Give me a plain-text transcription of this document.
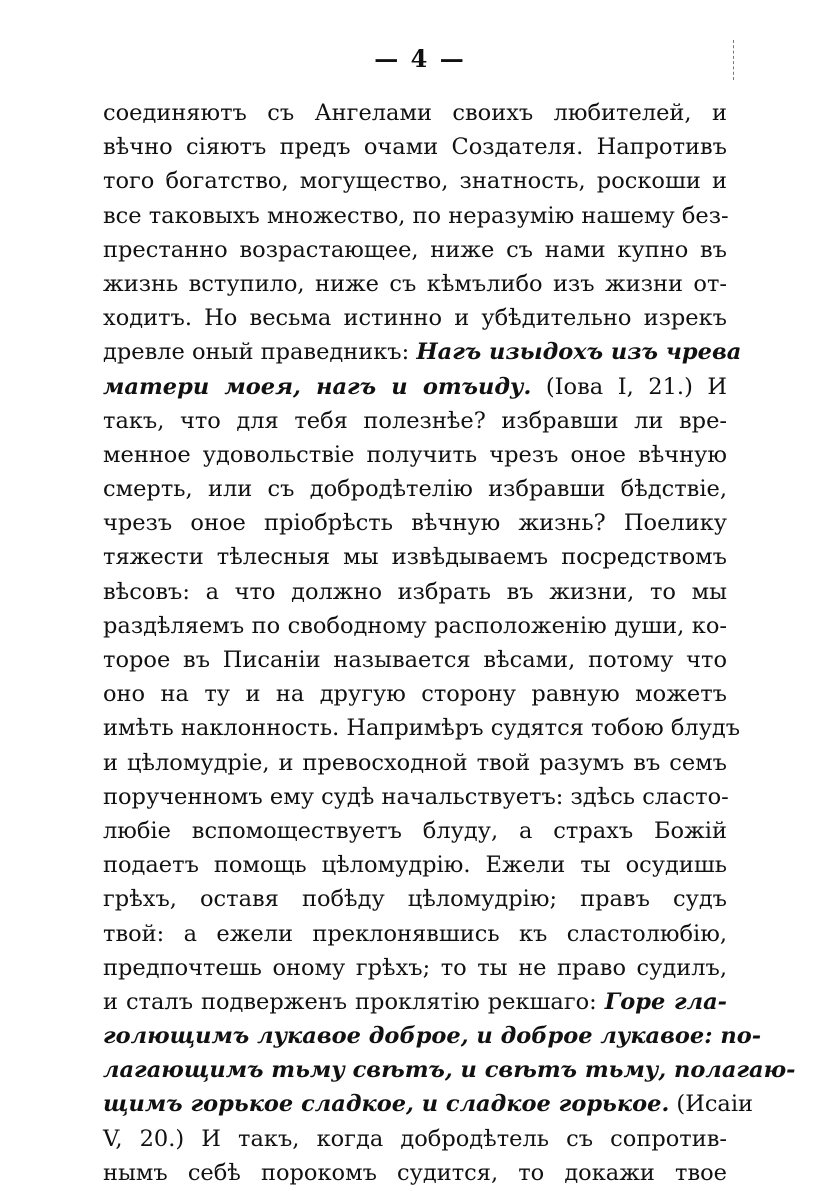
— 4 —
соединяютъ съ Ангелами своихъ любителей, и
вѣчно сіяютъ предъ очами Создателя. Напротивъ
того богатство, могущество, знатность, роскоши и
все таковыхъ множество, по неразумію нашему без-
престанно возрастающее, ниже съ нами купно въ
жизнь вступило, ниже съ кѣмълибо изъ жизни от-
ходитъ. Но весьма истинно и убѣдительно изрекъ
древле оный праведникъ: Нагъ изыдохъ изъ чрева
матери моея, нагъ и отъиду. (Іова I, 21.) И
такъ, что для тебя полезнѣе? избравши ли вре-
менное удовольствіе получить чрезъ оное вѣчную
смерть, или съ добродѣтелію избравши бѣдствіе,
чрезъ оное пріобрѣсть вѣчную жизнь? Поелику
тяжести тѣлесныя мы извѣдываемъ посредствомъ
вѣсовъ: а что должно избрать въ жизни, то мы
раздѣляемъ по свободному расположенію души, ко-
торое въ Писаніи называется вѣсами, потому что
оно на ту и на другую сторону равную можетъ
имѣть наклонность. Напримѣръ судятся тобою блудъ
и цѣломудріе, и превосходной твой разумъ въ семъ
порученномъ ему судѣ начальствуетъ: здѣсь сласто-
любіе вспомоществуетъ блуду, а страхъ Божій
подаетъ помощь цѣломудрію. Ежели ты осудишь
грѣхъ, оставя побѣду цѣломудрію; правъ судъ
твой: а ежели преклонявшись къ сластолюбію,
предпочтешь оному грѣхъ; то ты не право судилъ,
и сталъ подверженъ проклятію рекшаго: Горе гла-
голющимъ лукавое доброе, и доброе лукавое: по-
лагающимъ тьму свѣтъ, и свѣтъ тьму, полагаю-
щимъ горькое сладкое, и сладкое горькое. (Исаіи
V, 20.) И такъ, когда добродѣтель съ сопротив-
нымъ себѣ порокомъ судится, то докажи твое
